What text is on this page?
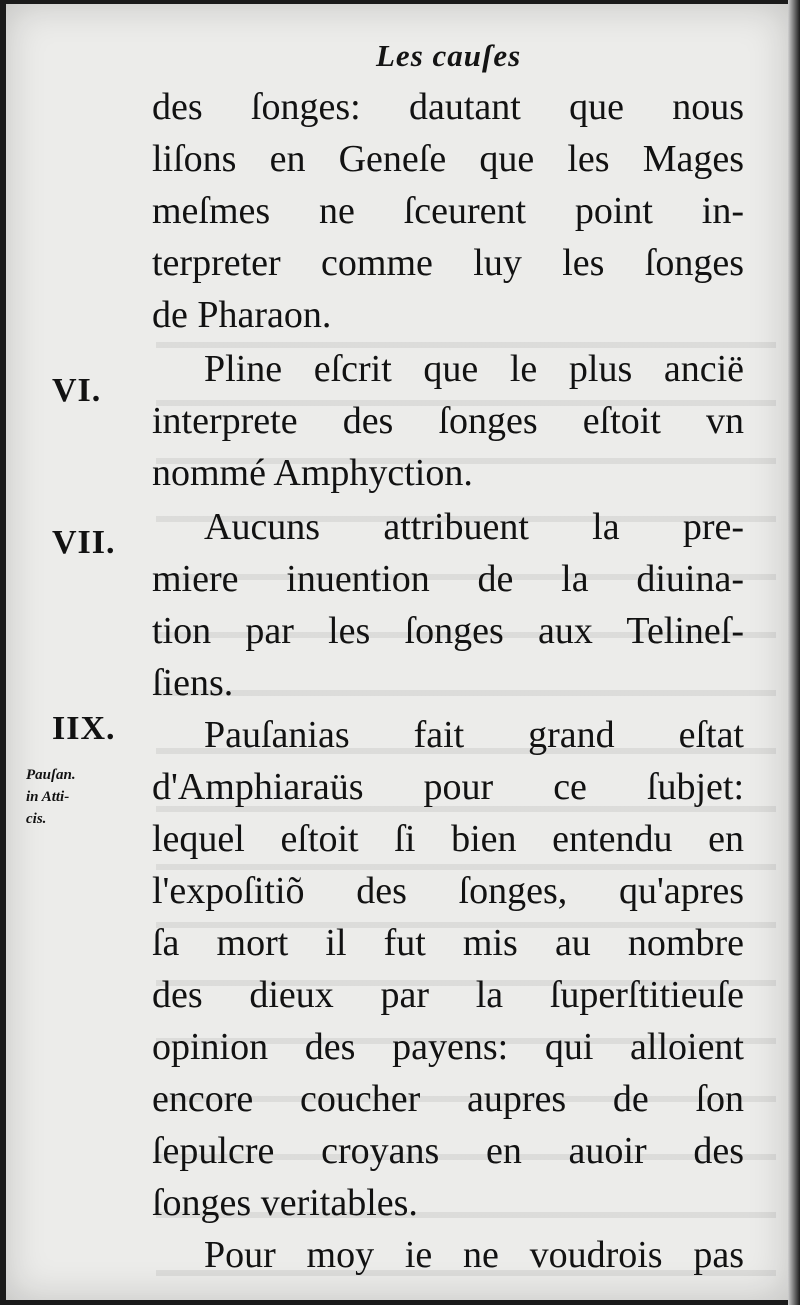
Les cauſes
des ſonges: dautant que nous
liſons en Geneſe que les Mages
meſmes ne ſceurent point in-
terpreter comme luy les ſonges
de Pharaon.
Pline eſcrit que le plus ancië
interprete des ſonges eſtoit vn
nommé Amphyction.
Aucuns attribuent la pre-
miere inuention de la diuina-
tion par les ſonges aux Telineſ-
ſiens.
Pauſanias fait grand eſtat
d'Amphiaraüs pour ce ſubjet:
lequel eſtoit ſi bien entendu en
l'expoſitiõ des ſonges, qu'apres
ſa mort il fut mis au nombre
des dieux par la ſuperſtitieuſe
opinion des payens: qui alloient
encore coucher aupres de ſon
ſepulcre croyans en auoir des
ſonges veritables.
Pour moy ie ne voudrois pas
VI.
VII.
IIX.
Pauſan.
in Atti-
cis.
